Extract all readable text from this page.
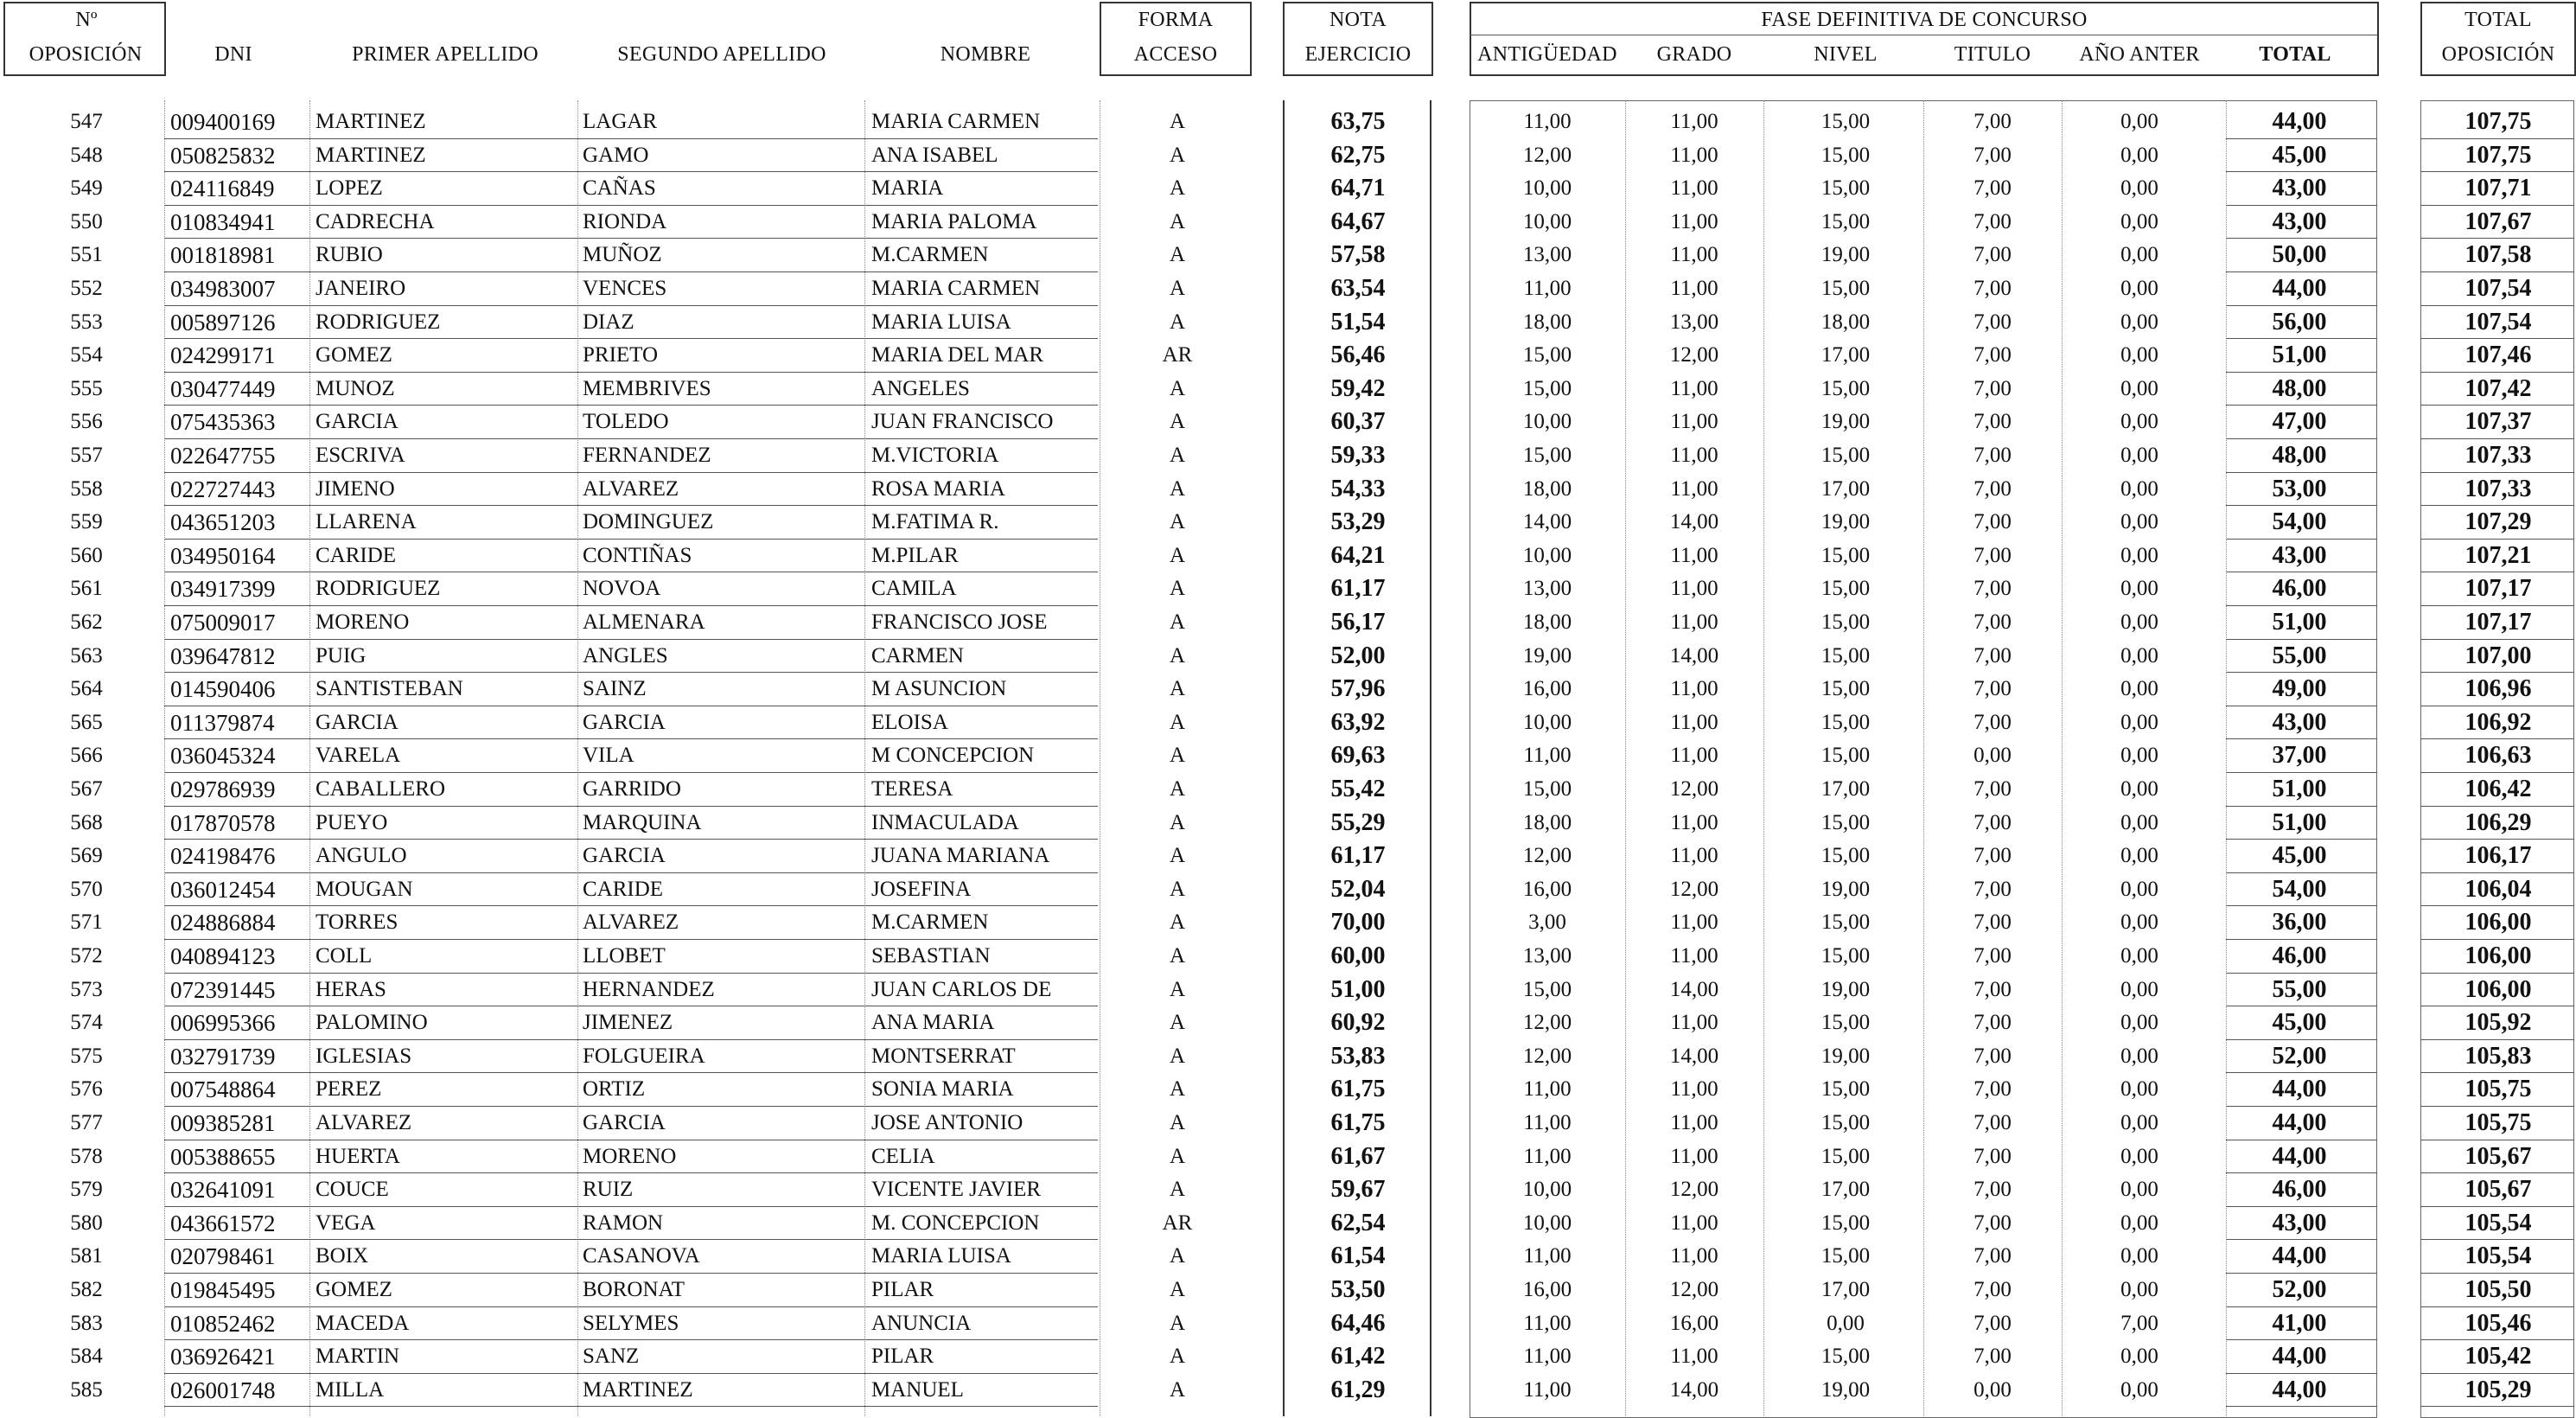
Nº
OPOSICIÓN	DNI	PRIMER APELLIDO	SEGUNDO APELLIDO	NOMBRE
FORMA
ACCESO
NOTA
EJERCICIO
FASE DEFINITIVA DE CONCURSO
ANTIGÜEDAD	GRADO	NIVEL	TITULO	AÑO ANTER	TOTAL
TOTAL
OPOSICIÓN
547	009400169	MARTINEZ	LAGAR	MARIA CARMEN	A	63,75	11,00	11,00	15,00	7,00	0,00	44,00	107,75
548	050825832	MARTINEZ	GAMO	ANA ISABEL	A	62,75	12,00	11,00	15,00	7,00	0,00	45,00	107,75
549	024116849	LOPEZ	CAÑAS	MARIA	A	64,71	10,00	11,00	15,00	7,00	0,00	43,00	107,71
550	010834941	CADRECHA	RIONDA	MARIA PALOMA	A	64,67	10,00	11,00	15,00	7,00	0,00	43,00	107,67
551	001818981	RUBIO	MUÑOZ	M.CARMEN	A	57,58	13,00	11,00	19,00	7,00	0,00	50,00	107,58
552	034983007	JANEIRO	VENCES	MARIA CARMEN	A	63,54	11,00	11,00	15,00	7,00	0,00	44,00	107,54
553	005897126	RODRIGUEZ	DIAZ	MARIA LUISA	A	51,54	18,00	13,00	18,00	7,00	0,00	56,00	107,54
554	024299171	GOMEZ	PRIETO	MARIA DEL MAR	AR	56,46	15,00	12,00	17,00	7,00	0,00	51,00	107,46
555	030477449	MUNOZ	MEMBRIVES	ANGELES	A	59,42	15,00	11,00	15,00	7,00	0,00	48,00	107,42
556	075435363	GARCIA	TOLEDO	JUAN FRANCISCO	A	60,37	10,00	11,00	19,00	7,00	0,00	47,00	107,37
557	022647755	ESCRIVA	FERNANDEZ	M.VICTORIA	A	59,33	15,00	11,00	15,00	7,00	0,00	48,00	107,33
558	022727443	JIMENO	ALVAREZ	ROSA MARIA	A	54,33	18,00	11,00	17,00	7,00	0,00	53,00	107,33
559	043651203	LLARENA	DOMINGUEZ	M.FATIMA R.	A	53,29	14,00	14,00	19,00	7,00	0,00	54,00	107,29
560	034950164	CARIDE	CONTIÑAS	M.PILAR	A	64,21	10,00	11,00	15,00	7,00	0,00	43,00	107,21
561	034917399	RODRIGUEZ	NOVOA	CAMILA	A	61,17	13,00	11,00	15,00	7,00	0,00	46,00	107,17
562	075009017	MORENO	ALMENARA	FRANCISCO JOSE	A	56,17	18,00	11,00	15,00	7,00	0,00	51,00	107,17
563	039647812	PUIG	ANGLES	CARMEN	A	52,00	19,00	14,00	15,00	7,00	0,00	55,00	107,00
564	014590406	SANTISTEBAN	SAINZ	M ASUNCION	A	57,96	16,00	11,00	15,00	7,00	0,00	49,00	106,96
565	011379874	GARCIA	GARCIA	ELOISA	A	63,92	10,00	11,00	15,00	7,00	0,00	43,00	106,92
566	036045324	VARELA	VILA	M CONCEPCION	A	69,63	11,00	11,00	15,00	0,00	0,00	37,00	106,63
567	029786939	CABALLERO	GARRIDO	TERESA	A	55,42	15,00	12,00	17,00	7,00	0,00	51,00	106,42
568	017870578	PUEYO	MARQUINA	INMACULADA	A	55,29	18,00	11,00	15,00	7,00	0,00	51,00	106,29
569	024198476	ANGULO	GARCIA	JUANA MARIANA	A	61,17	12,00	11,00	15,00	7,00	0,00	45,00	106,17
570	036012454	MOUGAN	CARIDE	JOSEFINA	A	52,04	16,00	12,00	19,00	7,00	0,00	54,00	106,04
571	024886884	TORRES	ALVAREZ	M.CARMEN	A	70,00	3,00	11,00	15,00	7,00	0,00	36,00	106,00
572	040894123	COLL	LLOBET	SEBASTIAN	A	60,00	13,00	11,00	15,00	7,00	0,00	46,00	106,00
573	072391445	HERAS	HERNANDEZ	JUAN CARLOS DE	A	51,00	15,00	14,00	19,00	7,00	0,00	55,00	106,00
574	006995366	PALOMINO	JIMENEZ	ANA MARIA	A	60,92	12,00	11,00	15,00	7,00	0,00	45,00	105,92
575	032791739	IGLESIAS	FOLGUEIRA	MONTSERRAT	A	53,83	12,00	14,00	19,00	7,00	0,00	52,00	105,83
576	007548864	PEREZ	ORTIZ	SONIA MARIA	A	61,75	11,00	11,00	15,00	7,00	0,00	44,00	105,75
577	009385281	ALVAREZ	GARCIA	JOSE ANTONIO	A	61,75	11,00	11,00	15,00	7,00	0,00	44,00	105,75
578	005388655	HUERTA	MORENO	CELIA	A	61,67	11,00	11,00	15,00	7,00	0,00	44,00	105,67
579	032641091	COUCE	RUIZ	VICENTE JAVIER	A	59,67	10,00	12,00	17,00	7,00	0,00	46,00	105,67
580	043661572	VEGA	RAMON	M. CONCEPCION	AR	62,54	10,00	11,00	15,00	7,00	0,00	43,00	105,54
581	020798461	BOIX	CASANOVA	MARIA LUISA	A	61,54	11,00	11,00	15,00	7,00	0,00	44,00	105,54
582	019845495	GOMEZ	BORONAT	PILAR	A	53,50	16,00	12,00	17,00	7,00	0,00	52,00	105,50
583	010852462	MACEDA	SELYMES	ANUNCIA	A	64,46	11,00	16,00	0,00	7,00	7,00	41,00	105,46
584	036926421	MARTIN	SANZ	PILAR	A	61,42	11,00	11,00	15,00	7,00	0,00	44,00	105,42
585	026001748	MILLA	MARTINEZ	MANUEL	A	61,29	11,00	14,00	19,00	0,00	0,00	44,00	105,29
